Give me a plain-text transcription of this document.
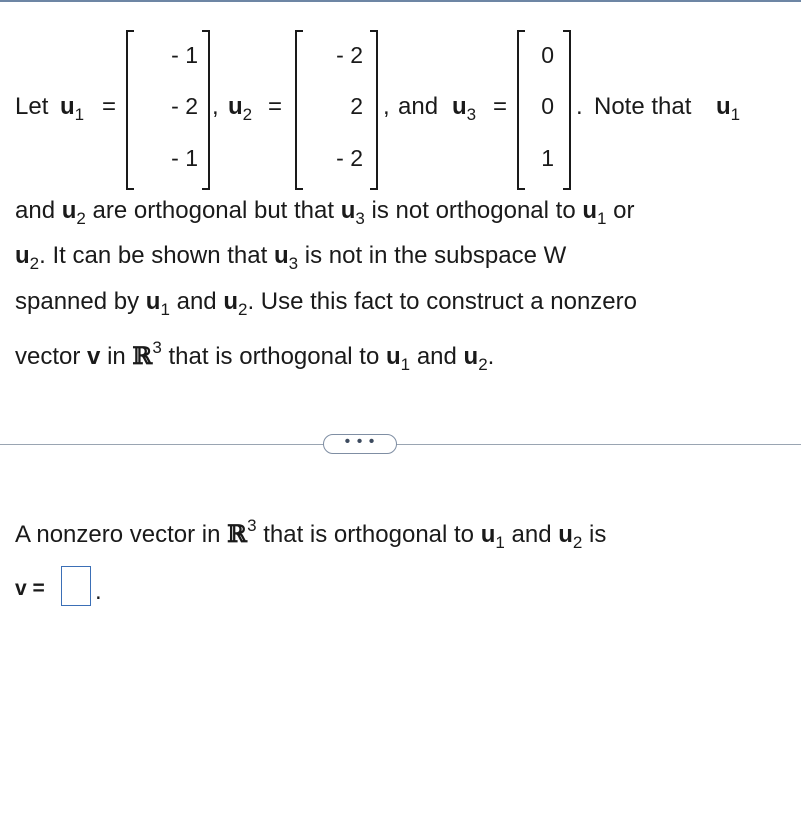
Let $u_1$ =
- 1
- 2
- 1
, $u_2$ =
- 2
2
- 2
, and $u_3$ =
0
0
1
. Note that $u_1$
and $u_2$ are orthogonal but that $u_3$ is not orthogonal to $u_1$ or
$u_2$. It can be shown that $u_3$ is not in the subspace W
spanned by $u_1$ and $u_2$. Use this fact to construct a nonzero
vector v in ℝ$^3$ that is orthogonal to $u_1$ and $u_2$.
• • •
A nonzero vector in ℝ$^3$ that is orthogonal to $u_1$ and $u_2$ is
v = .
